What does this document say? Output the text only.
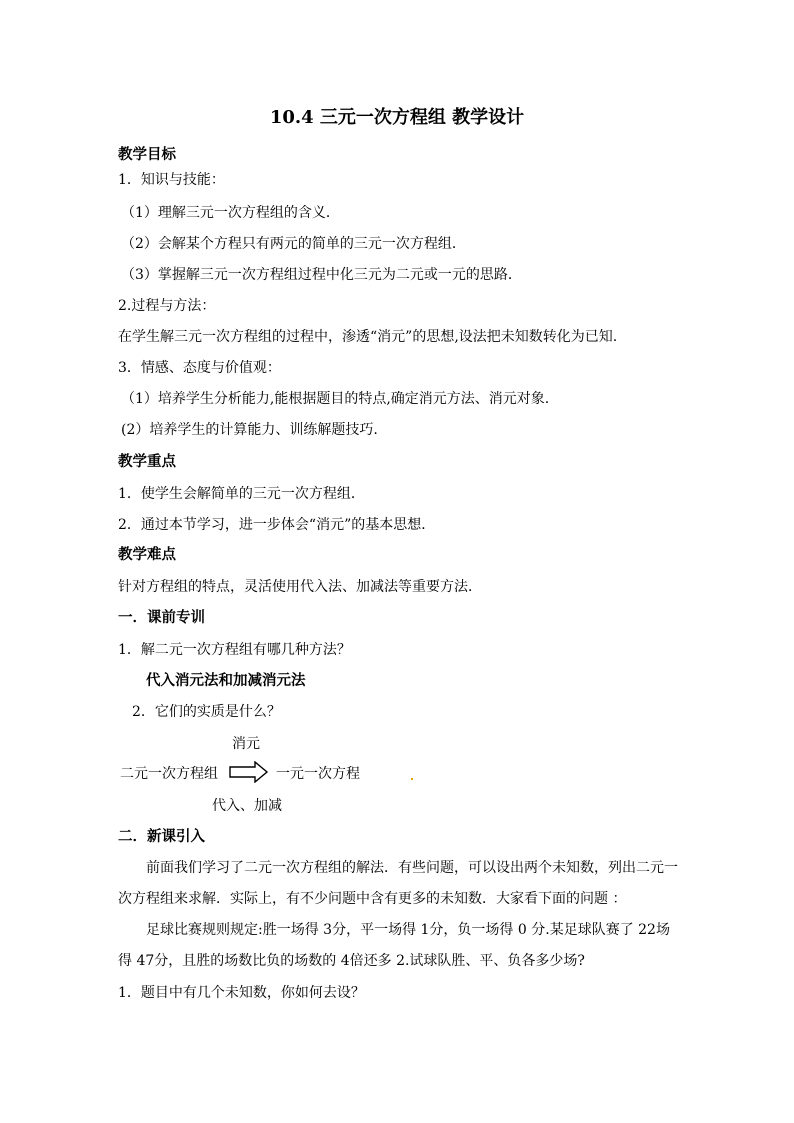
10.4 三元一次方程组 教学设计
教学目标
1．知识与技能：
（1）理解三元一次方程组的含义．
（2）会解某个方程只有两元的简单的三元一次方程组．
（3）掌握解三元一次方程组过程中化三元为二元或一元的思路．
2.过程与方法：
在学生解三元一次方程组的过程中，渗透“消元”的思想,设法把未知数转化为已知.
3．情感、态度与价值观：
（1）培养学生分析能力,能根据题目的特点,确定消元方法、消元对象.
(2）培养学生的计算能力、训练解题技巧.
教学重点
1．使学生会解简单的三元一次方程组．
2．通过本节学习，进一步体会“消元”的基本思想．
教学难点
针对方程组的特点，灵活使用代入法、加减法等重要方法．
一．课前专训
1．解二元一次方程组有哪几种方法？
代入消元法和加减消元法
2．它们的实质是什么？
消元
二元一次方程组	一元一次方程
代入、加减
二．新课引入
前面我们学习了二元一次方程组的解法．有些问题，可以设出两个未知数，列出二元一
次方程组来求解．实际上，有不少问题中含有更多的未知数．大家看下面的问题 ：
足球比赛规则规定:胜一场得 3分，平一场得 1分，负一场得 0 分.某足球队赛了 22场
得 47分，且胜的场数比负的场数的 4倍还多 2.试球队胜、平、负各多少场?
1．题目中有几个未知数，你如何去设？
